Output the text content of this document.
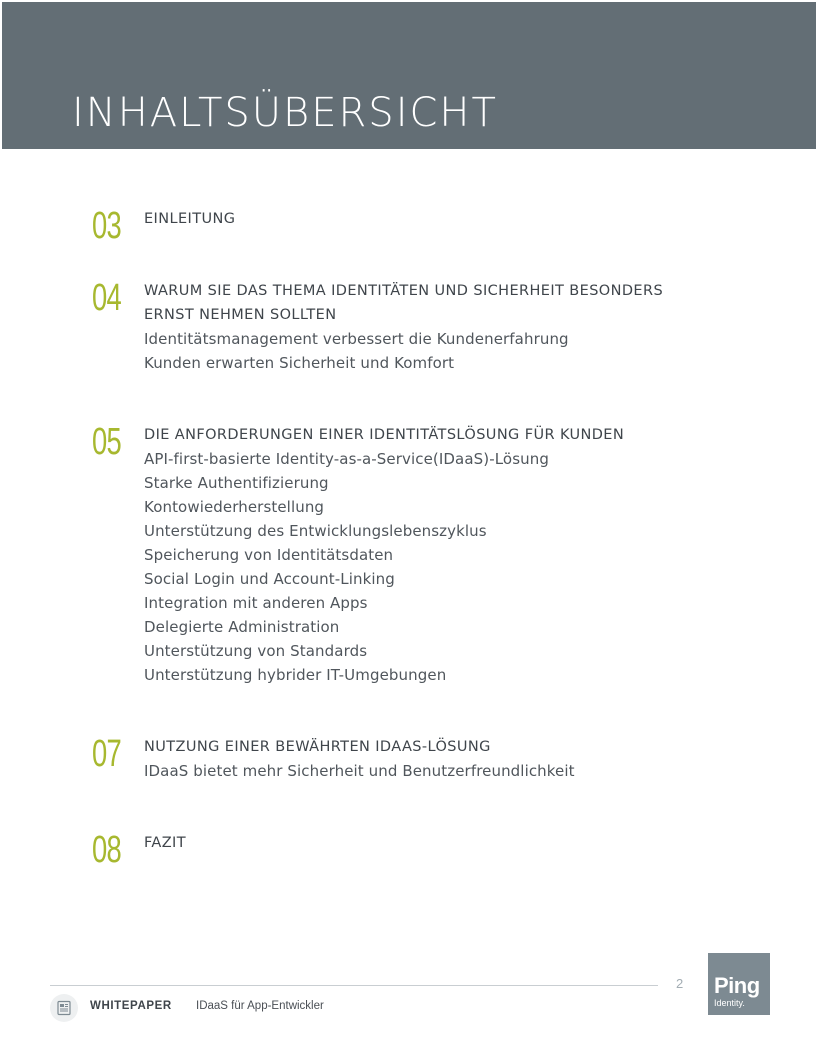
INHALTSÜBERSICHT
03 EINLEITUNG
04 WARUM SIE DAS THEMA IDENTITÄTEN UND SICHERHEIT BESONDERS
ERNST NEHMEN SOLLTEN
Identitätsmanagement verbessert die Kundenerfahrung
Kunden erwarten Sicherheit und Komfort
05 DIE ANFORDERUNGEN EINER IDENTITÄTSLÖSUNG FÜR KUNDEN
API-first-basierte Identity-as-a-Service(IDaaS)-Lösung
Starke Authentifizierung
Kontowiederherstellung
Unterstützung des Entwicklungslebenszyklus
Speicherung von Identitätsdaten
Social Login und Account-Linking
Integration mit anderen Apps
Delegierte Administration
Unterstützung von Standards
Unterstützung hybrider IT-Umgebungen
07 NUTZUNG EINER BEWÄHRTEN IDAAS-LÖSUNG
IDaaS bietet mehr Sicherheit und Benutzerfreundlichkeit
08 FAZIT
2
WHITEPAPER IDaaS für App-Entwickler
Ping
Identity.
